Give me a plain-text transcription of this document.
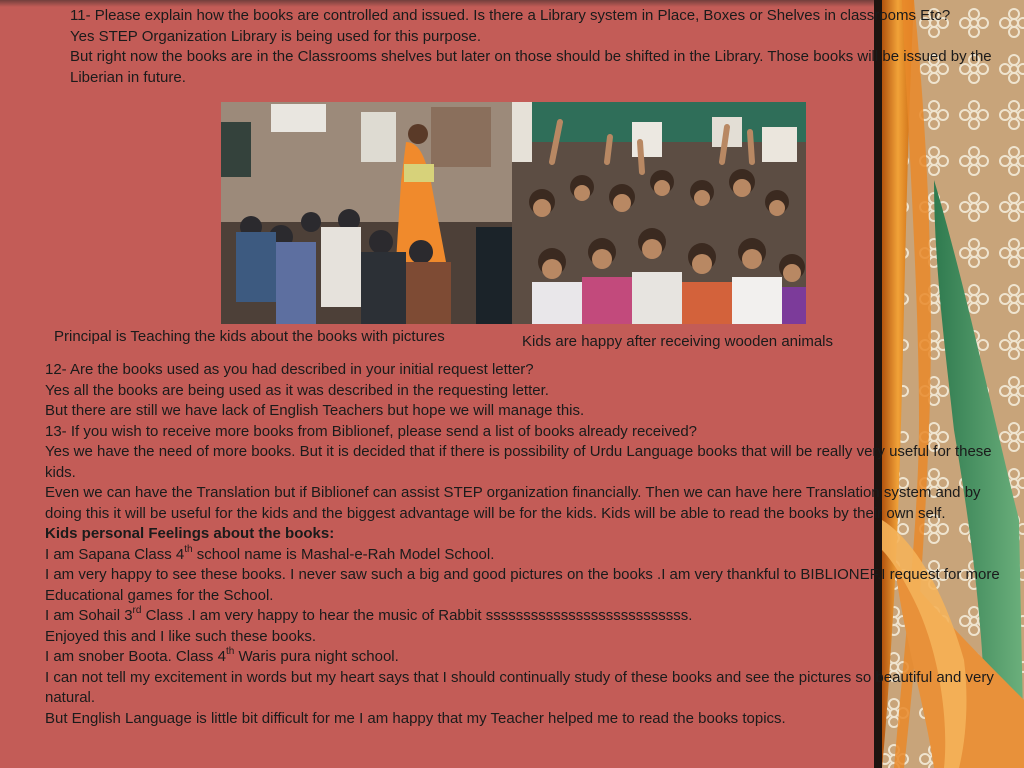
11- Please explain how the books are controlled and issued. Is there a Library system in Place, Boxes or Shelves in classrooms Etc?

Yes STEP Organization Library is being used for this purpose.

But right now the books are in the Classrooms shelves but later on those should be shifted in the Library. Those books will be issued by the Liberian in future.

Principal is Teaching the kids about the books with pictures	Kids are happy after receiving wooden animals

12- Are the books used as you had described in your initial request letter?

Yes all the books are being used as it was described in the requesting letter.

But there are still we have lack of English Teachers but hope we will manage this.

13- If you wish to receive more books from Biblionef, please send a list of books already received?

Yes we have the need of more books. But it is decided that if there is possibility of Urdu Language books that will be really very useful for these kids.

Even we can have the Translation but if Biblionef can assist STEP organization financially. Then we can have here Translation system and by doing this it will be useful for the kids and the biggest advantage will be for the kids. Kids will be able to read the books by their own self.

Kids personal Feelings about the books:

I am Sapana Class 4th school name is Mashal-e-Rah Model School.

I am very happy to see these books. I never saw such a big and good pictures on the books .I am very thankful to BIBLIONEF.I request for more Educational games for the School.

I am Sohail 3rd Class .I am very happy to hear the music of Rabbit sssssssssssssssssssssssssss.

Enjoyed this and I like such these books.

I am snober Boota. Class 4th Waris pura night school.

I can not tell my excitement in words but my heart says that I should continually study of these books and see the pictures so beautiful and very natural.

But English Language is little bit difficult for me I am happy that my Teacher helped me to read the books topics.
